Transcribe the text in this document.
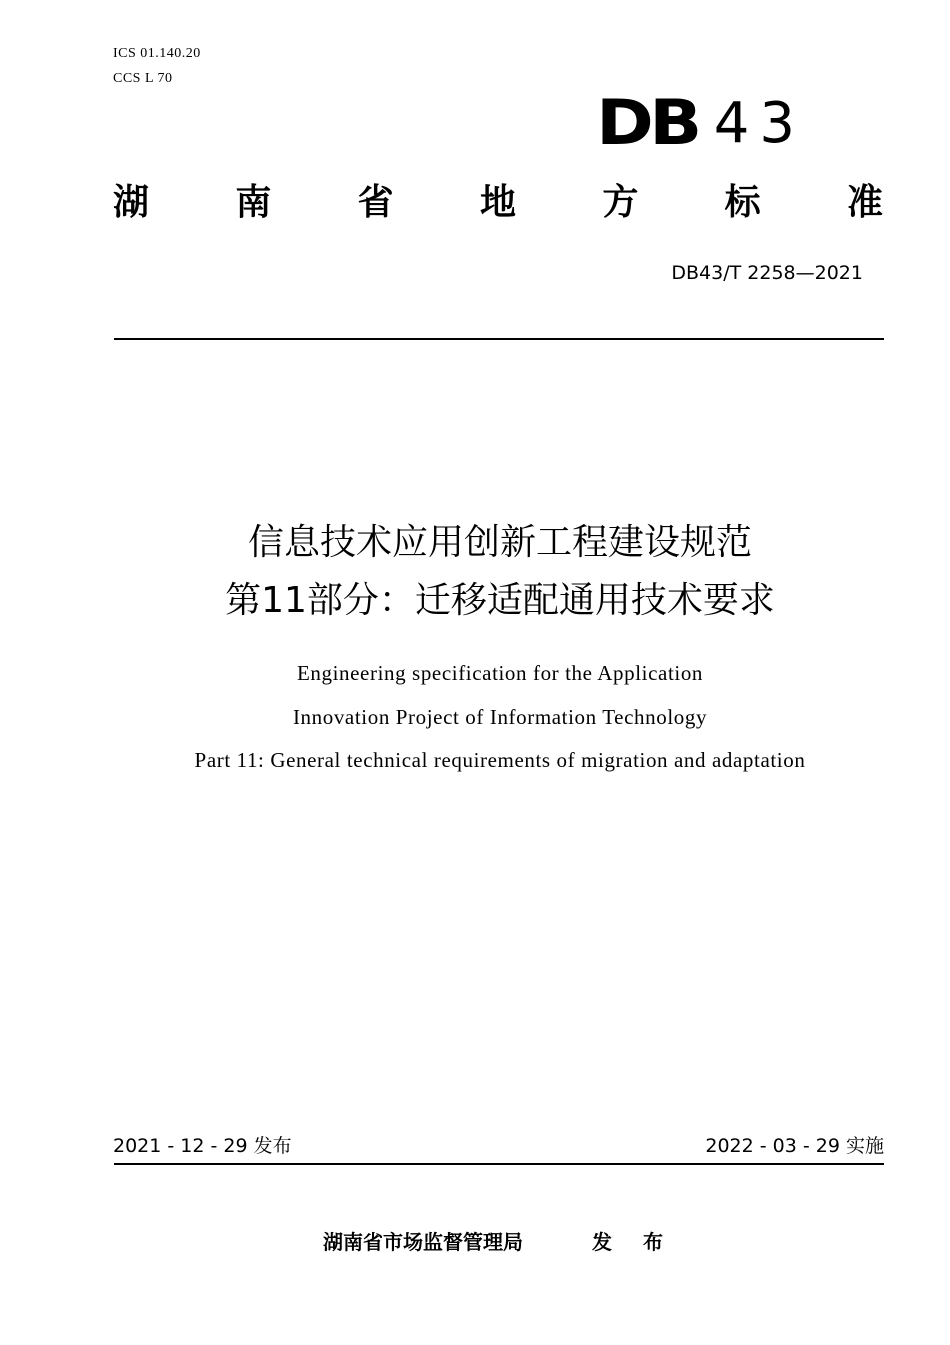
ICS 01.140.20
CCS L 70
DB 43
湖 南 省 地 方 标 准
DB43/T 2258—2021
信息技术应用创新工程建设规范
第11部分：迁移适配通用技术要求
Engineering specification for the Application
Innovation Project of Information Technology
Part 11: General technical requirements of migration and adaptation
2021 - 12 - 29 发布	2022 - 03 - 29 实施
湖南省市场监督管理局	发 布
